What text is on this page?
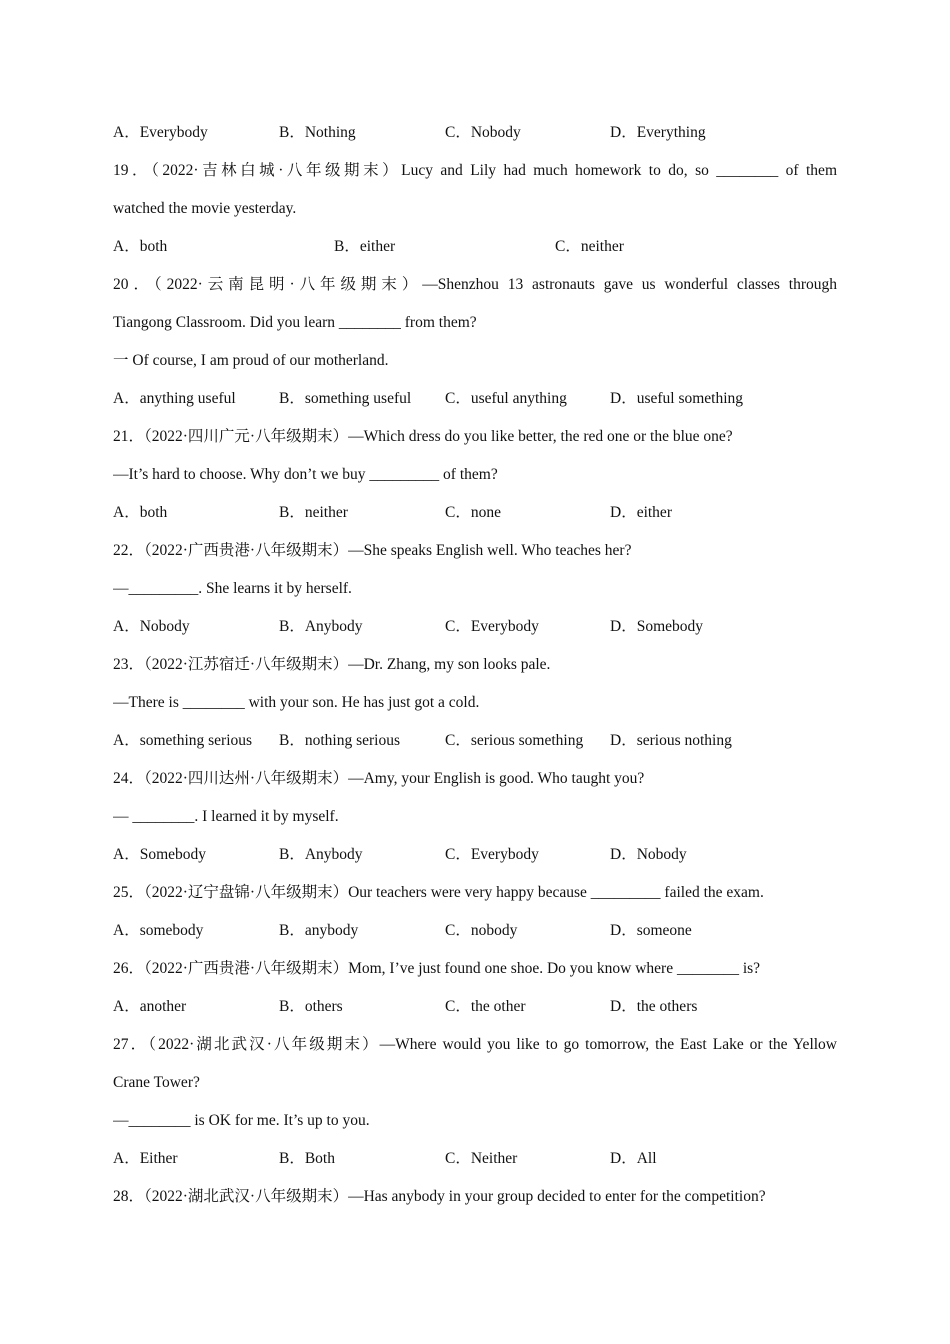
A．Everybody	B．Nothing	C．Nobody	D．Everything
19．（2022·吉林白城·八年级期末）Lucy and Lily had much homework to do, so ________ of them
watched the movie yesterday.
A．both	B．either	C．neither
20．（2022·云南昆明·八年级期末）—Shenzhou 13 astronauts gave us wonderful classes through
Tiangong Classroom. Did you learn ________ from them?
一 Of course, I am proud of our motherland.
A．anything useful	B．something useful C．useful anything	D．useful something
21．（2022·四川广元·八年级期末）—Which dress do you like better, the red one or the blue one?
—It’s hard to choose. Why don’t we buy _________ of them?
A．both	B．neither	C．none	D．either
22．（2022·广西贵港·八年级期末）—She speaks English well. Who teaches her?
—_________. She learns it by herself.
A．Nobody	B．Anybody	C．Everybody	D．Somebody
23．（2022·江苏宿迁·八年级期末）—Dr. Zhang, my son looks pale.
—There is ________ with your son. He has just got a cold.
A．something serious B．nothing serious	C．serious something D．serious nothing
24．（2022·四川达州·八年级期末）—Amy, your English is good. Who taught you?
— ________. I learned it by myself.
A．Somebody	B．Anybody	C．Everybody	D．Nobody
25．（2022·辽宁盘锦·八年级期末）Our teachers were very happy because _________ failed the exam.
A．somebody	B．anybody	C．nobody	D．someone
26．（2022·广西贵港·八年级期末）Mom, I’ve just found one shoe. Do you know where ________ is?
A．another	B．others	C．the other	D．the others
27．（2022·湖北武汉·八年级期末）—Where would you like to go tomorrow, the East Lake or the Yellow
Crane Tower?
—________ is OK for me. It’s up to you.
A．Either	B．Both	C．Neither	D．All
28．（2022·湖北武汉·八年级期末）—Has anybody in your group decided to enter for the competition?
